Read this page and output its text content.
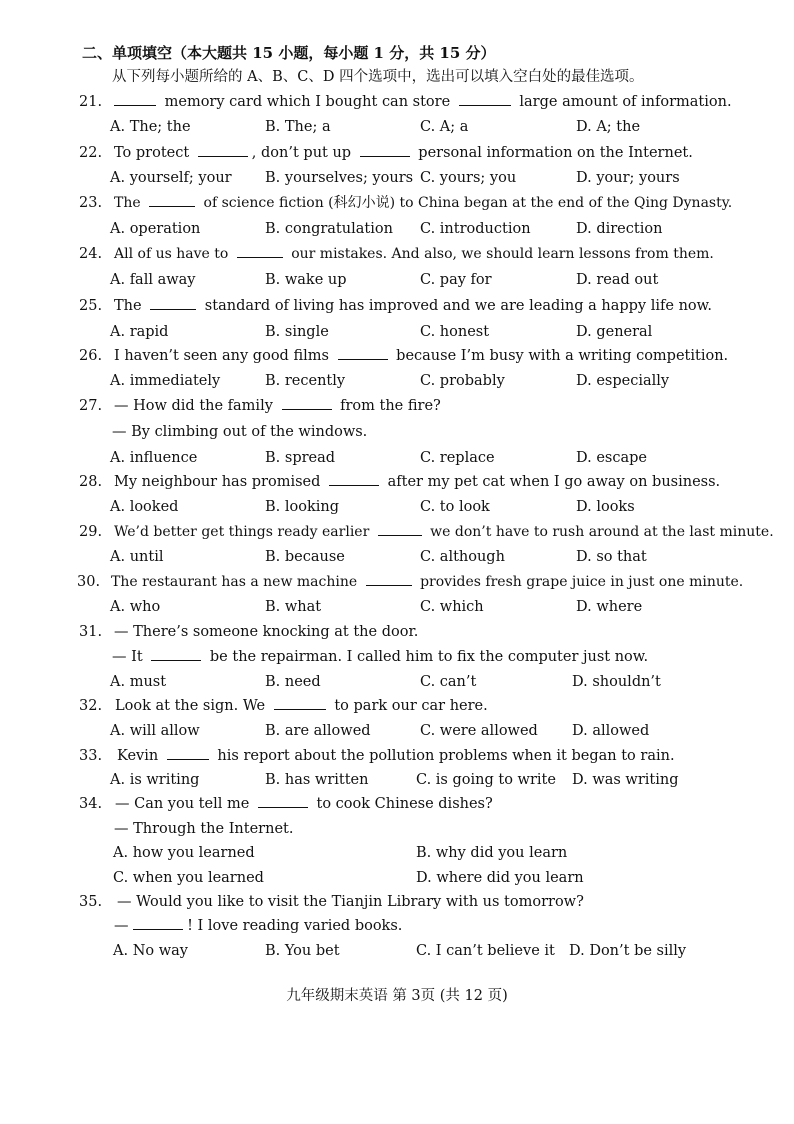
二、单项填空（本大题共 15 小题，每小题 1 分，共 15 分）
从下列每小题所给的 A、B、C、D 四个选项中，选出可以填入空白处的最佳选项。
21.	memory card which I bought can store	large amount of information.
A. The; the	B. The; a	C. A; a	D. A; the
22. To protect	, don’t put up	personal information on the Internet.
A. yourself; your B. yourselves; yours C. yours; you	D. your; yours
23. The	of science fiction (科幻小说) to China began at the end of the Qing Dynasty.
A. operation	B. congratulation C. introduction	D. direction
24. All of us have to	our mistakes. And also, we should learn lessons from them.
A. fall away	B. wake up	C. pay for	D. read out
25. The	standard of living has improved and we are leading a happy life now.
A. rapid	B. single	C. honest	D. general
26. I haven’t seen any good films	because I’m busy with a writing competition.
A. immediately	B. recently	C. probably	D. especially
27. — How did the family	from the fire?
— By climbing out of the windows.
A. influence	B. spread	C. replace	D. escape
28. My neighbour has promised	after my pet cat when I go away on business.
A. looked	B. looking	C. to look	D. looks
29. We’d better get things ready earlier	we don’t have to rush around at the last minute.
A. until	B. because	C. although	D. so that
30. The restaurant has a new machine	provides fresh grape juice in just one minute.
A. who	B. what	C. which	D. where
31. — There’s someone knocking at the door.
— It	be the repairman. I called him to fix the computer just now.
A. must	B. need	C. can’t	D. shouldn’t
32. Look at the sign. We	to park our car here.
A. will allow	B. are allowed	C. were allowed D. allowed
33. Kevin	his report about the pollution problems when it began to rain.
A. is writing	B. has written	C. is going to write D. was writing
34. — Can you tell me	to cook Chinese dishes?
— Through the Internet.
A. how you learned	B. why did you learn
C. when you learned	D. where did you learn
35. — Would you like to visit the Tianjin Library with us tomorrow?
—	! I love reading varied books.
A. No way	B. You bet	C. I can’t believe it D. Don’t be silly
九年级期末英语 第 3页 (共 12 页)
